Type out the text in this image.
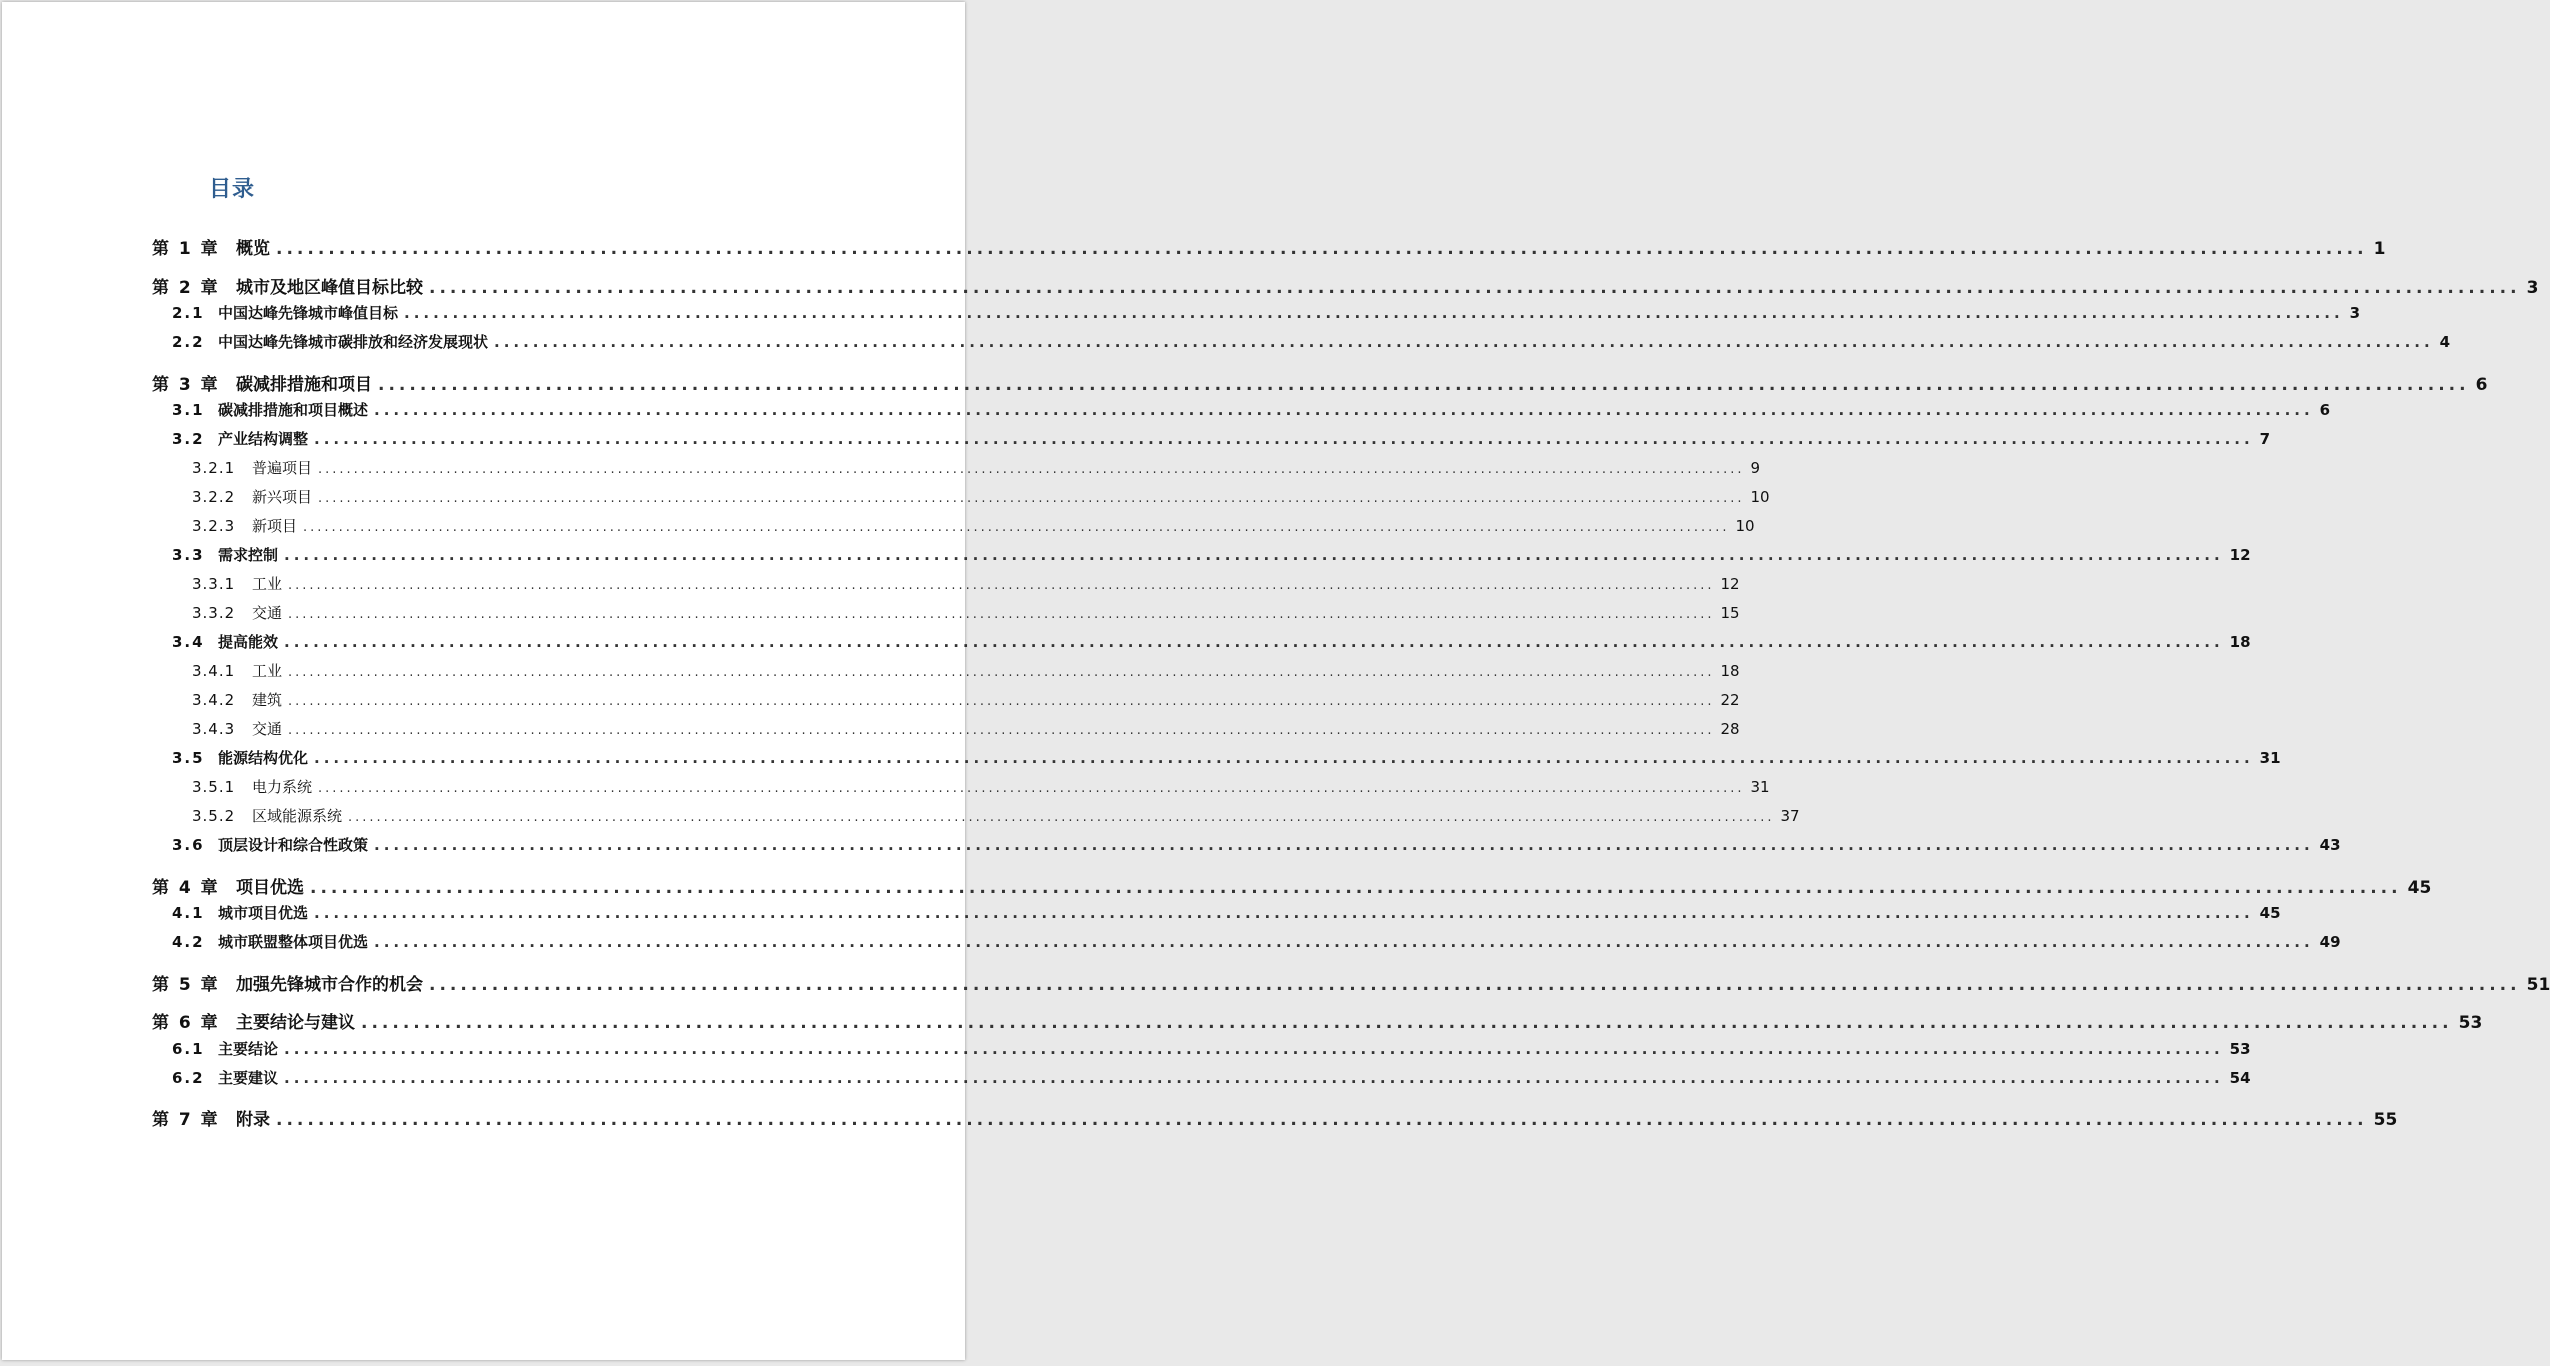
目录
第 1 章 概览 ........................................................................................................................................................................................................ 1
第 2 章 城市及地区峰值目标比较 ........................................................................................................................................................................................................ 3
2.1 中国达峰先锋城市峰值目标 ........................................................................................................................................................................................................ 3
2.2 中国达峰先锋城市碳排放和经济发展现状 ........................................................................................................................................................................................................ 4
第 3 章 碳减排措施和项目 ........................................................................................................................................................................................................ 6
3.1 碳减排措施和项目概述 ........................................................................................................................................................................................................ 6
3.2 产业结构调整 ........................................................................................................................................................................................................ 7
3.2.1	普遍项目 ........................................................................................................................................................................................................ 9
3.2.2	新兴项目 ........................................................................................................................................................................................................ 10
3.2.3	新项目 ........................................................................................................................................................................................................ 10
3.3 需求控制 ........................................................................................................................................................................................................ 12
3.3.1	工业 ........................................................................................................................................................................................................ 12
3.3.2	交通 ........................................................................................................................................................................................................ 15
3.4 提高能效 ........................................................................................................................................................................................................ 18
3.4.1	工业 ........................................................................................................................................................................................................ 18
3.4.2	建筑 ........................................................................................................................................................................................................ 22
3.4.3	交通 ........................................................................................................................................................................................................ 28
3.5 能源结构优化 ........................................................................................................................................................................................................ 31
3.5.1	电力系统 ........................................................................................................................................................................................................ 31
3.5.2	区域能源系统 ........................................................................................................................................................................................................ 37
3.6 顶层设计和综合性政策 ........................................................................................................................................................................................................ 43
第 4 章 项目优选 ........................................................................................................................................................................................................ 45
4.1 城市项目优选 ........................................................................................................................................................................................................ 45
4.2 城市联盟整体项目优选 ........................................................................................................................................................................................................ 49
第 5 章 加强先锋城市合作的机会 ........................................................................................................................................................................................................ 51
第 6 章 主要结论与建议 ........................................................................................................................................................................................................ 53
6.1 主要结论 ........................................................................................................................................................................................................ 53
6.2 主要建议 ........................................................................................................................................................................................................ 54
第 7 章 附录 ........................................................................................................................................................................................................ 55
